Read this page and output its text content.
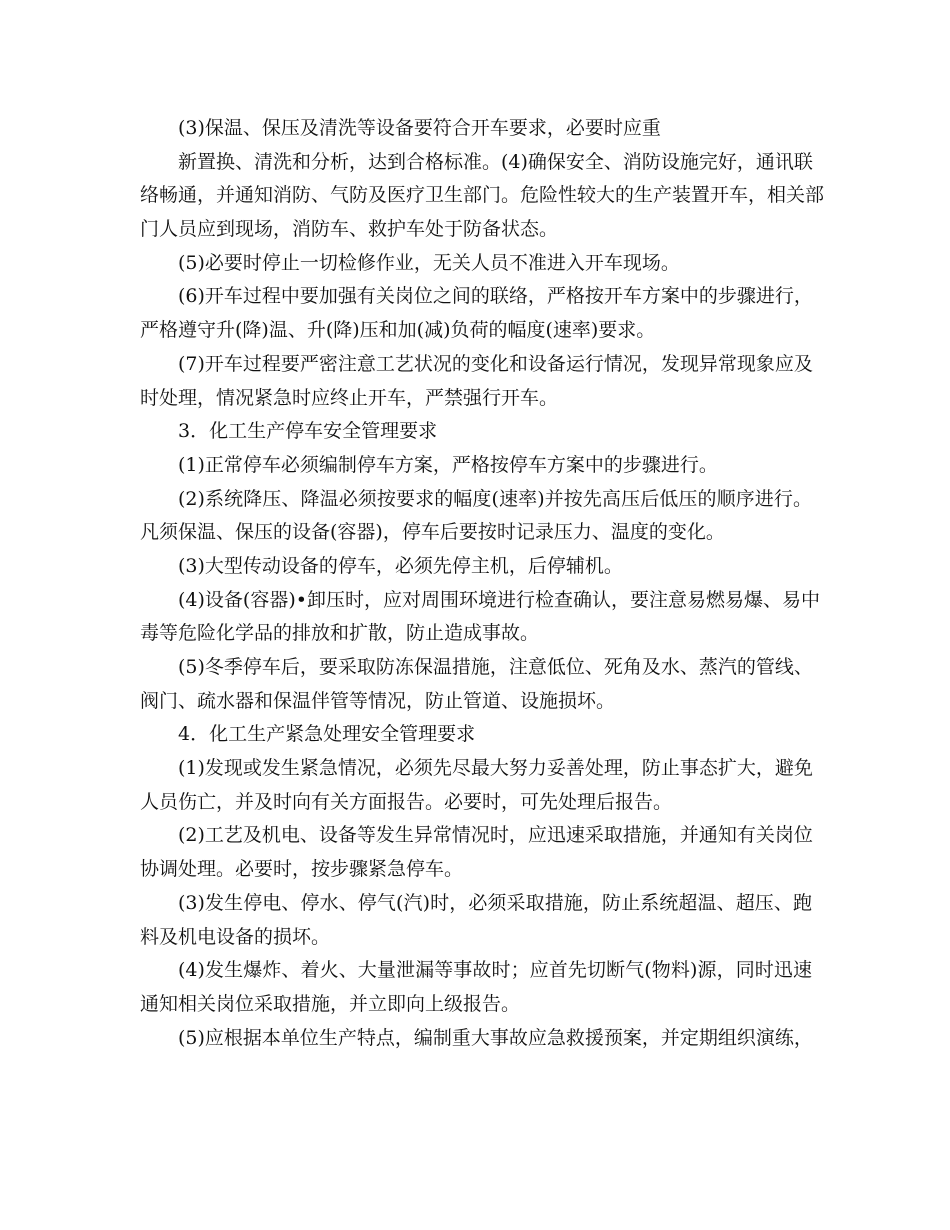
(3)保温、保压及清洗等设备要符合开车要求，必要时应重
新置换、清洗和分析，达到合格标准。(4)确保安全、消防设施完好，通讯联
络畅通，并通知消防、气防及医疗卫生部门。危险性较大的生产装置开车，相关部
门人员应到现场，消防车、救护车处于防备状态。
(5)必要时停止一切检修作业，无关人员不准进入开车现场。
(6)开车过程中要加强有关岗位之间的联络，严格按开车方案中的步骤进行，
严格遵守升(降)温、升(降)压和加(减)负荷的幅度(速率)要求。
(7)开车过程要严密注意工艺状况的变化和设备运行情况，发现异常现象应及
时处理，情况紧急时应终止开车，严禁强行开车。
3．化工生产停车安全管理要求
(1)正常停车必须编制停车方案，严格按停车方案中的步骤进行。
(2)系统降压、降温必须按要求的幅度(速率)并按先高压后低压的顺序进行。
凡须保温、保压的设备(容器)，停车后要按时记录压力、温度的变化。
(3)大型传动设备的停车，必须先停主机，后停辅机。
(4)设备(容器)•卸压时，应对周围环境进行检查确认，要注意易燃易爆、易中
毒等危险化学品的排放和扩散，防止造成事故。
(5)冬季停车后，要采取防冻保温措施，注意低位、死角及水、蒸汽的管线、
阀门、疏水器和保温伴管等情况，防止管道、设施损坏。
4．化工生产紧急处理安全管理要求
(1)发现或发生紧急情况，必须先尽最大努力妥善处理，防止事态扩大，避免
人员伤亡，并及时向有关方面报告。必要时，可先处理后报告。
(2)工艺及机电、设备等发生异常情况时，应迅速采取措施，并通知有关岗位
协调处理。必要时，按步骤紧急停车。
(3)发生停电、停水、停气(汽)时，必须采取措施，防止系统超温、超压、跑
料及机电设备的损坏。
(4)发生爆炸、着火、大量泄漏等事故时；应首先切断气(物料)源，同时迅速
通知相关岗位采取措施，并立即向上级报告。
(5)应根据本单位生产特点，编制重大事故应急救援预案，并定期组织演练，
